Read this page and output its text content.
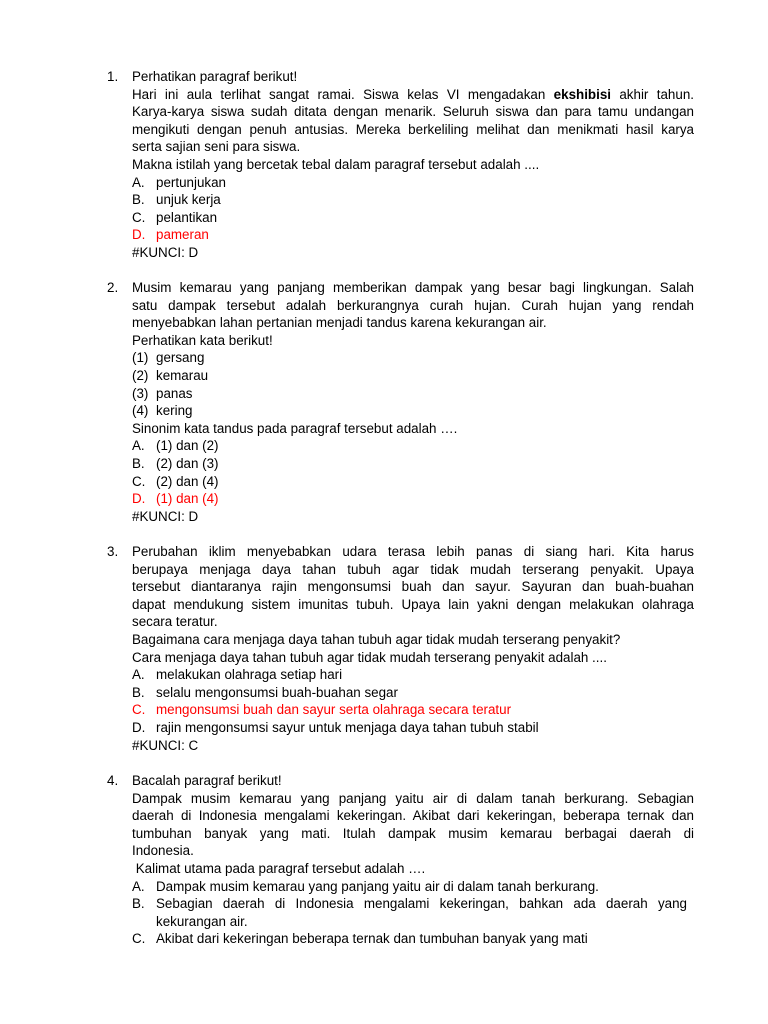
1.	Perhatikan paragraf berikut!
Hari ini aula terlihat sangat ramai. Siswa kelas VI mengadakan ekshibisi akhir tahun.
Karya-karya siswa sudah ditata dengan menarik. Seluruh siswa dan para tamu undangan
mengikuti dengan penuh antusias. Mereka berkeliling melihat dan menikmati hasil karya
serta sajian seni para siswa.
Makna istilah yang bercetak tebal dalam paragraf tersebut adalah ....
A. pertunjukan
B. unjuk kerja
C. pelantikan
D. pameran
#KUNCI: D
2.	Musim kemarau yang panjang memberikan dampak yang besar bagi lingkungan. Salah
satu dampak tersebut adalah berkurangnya curah hujan. Curah hujan yang rendah
menyebabkan lahan pertanian menjadi tandus karena kekurangan air.
Perhatikan kata berikut!
(1) gersang
(2) kemarau
(3) panas
(4) kering
Sinonim kata tandus pada paragraf tersebut adalah ….
A. (1) dan (2)
B. (2) dan (3)
C. (2) dan (4)
D. (1) dan (4)
#KUNCI: D
3.	Perubahan iklim menyebabkan udara terasa lebih panas di siang hari. Kita harus
berupaya menjaga daya tahan tubuh agar tidak mudah terserang penyakit. Upaya
tersebut diantaranya rajin mengonsumsi buah dan sayur. Sayuran dan buah-buahan
dapat mendukung sistem imunitas tubuh. Upaya lain yakni dengan melakukan olahraga
secara teratur.
Bagaimana cara menjaga daya tahan tubuh agar tidak mudah terserang penyakit?
Cara menjaga daya tahan tubuh agar tidak mudah terserang penyakit adalah ....
A. melakukan olahraga setiap hari
B. selalu mengonsumsi buah-buahan segar
C. mengonsumsi buah dan sayur serta olahraga secara teratur
D. rajin mengonsumsi sayur untuk menjaga daya tahan tubuh stabil
#KUNCI: C
4.	Bacalah paragraf berikut!
Dampak musim kemarau yang panjang yaitu air di dalam tanah berkurang. Sebagian
daerah di Indonesia mengalami kekeringan. Akibat dari kekeringan, beberapa ternak dan
tumbuhan banyak yang mati. Itulah dampak musim kemarau berbagai daerah di
Indonesia.
Kalimat utama pada paragraf tersebut adalah ….
A. Dampak musim kemarau yang panjang yaitu air di dalam tanah berkurang.
B. Sebagian daerah di Indonesia mengalami kekeringan, bahkan ada daerah yang
kekurangan air.
C. Akibat dari kekeringan beberapa ternak dan tumbuhan banyak yang mati
